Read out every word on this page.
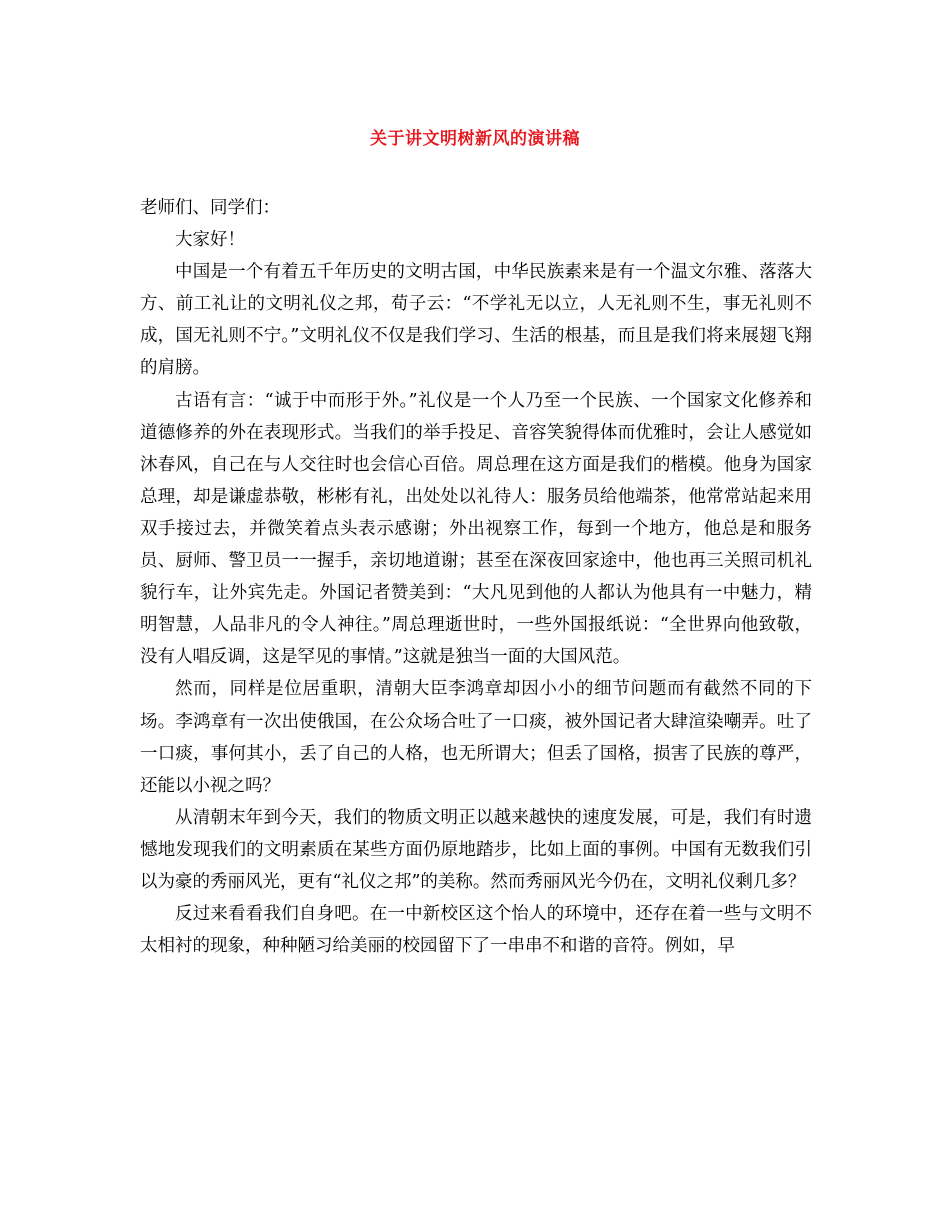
关于讲文明树新风的演讲稿

老师们、同学们：

大家好！

中国是一个有着五千年历史的文明古国，中华民族素来是有一个温文尔雅、落落大方、前工礼让的文明礼仪之邦，荀子云：“不学礼无以立，人无礼则不生，事无礼则不成，国无礼则不宁。”文明礼仪不仅是我们学习、生活的根基，而且是我们将来展翅飞翔的肩膀。

古语有言：“诚于中而形于外。”礼仪是一个人乃至一个民族、一个国家文化修养和道德修养的外在表现形式。当我们的举手投足、音容笑貌得体而优雅时，会让人感觉如沐春风，自己在与人交往时也会信心百倍。周总理在这方面是我们的楷模。他身为国家总理，却是谦虚恭敬，彬彬有礼，出处处以礼待人：服务员给他端茶，他常常站起来用双手接过去，并微笑着点头表示感谢；外出视察工作，每到一个地方，他总是和服务员、厨师、警卫员一一握手，亲切地道谢；甚至在深夜回家途中，他也再三关照司机礼貌行车，让外宾先走。外国记者赞美到：“大凡见到他的人都认为他具有一中魅力，精明智慧，人品非凡的令人神往。”周总理逝世时，一些外国报纸说：“全世界向他致敬，没有人唱反调，这是罕见的事情。”这就是独当一面的大国风范。

然而，同样是位居重职，清朝大臣李鸿章却因小小的细节问题而有截然不同的下场。李鸿章有一次出使俄国，在公众场合吐了一口痰，被外国记者大肆渲染嘲弄。吐了一口痰，事何其小，丢了自己的人格，也无所谓大；但丢了国格，损害了民族的尊严，还能以小视之吗？

从清朝末年到今天，我们的物质文明正以越来越快的速度发展，可是，我们有时遗憾地发现我们的文明素质在某些方面仍原地踏步，比如上面的事例。中国有无数我们引以为豪的秀丽风光，更有“礼仪之邦”的美称。然而秀丽风光今仍在，文明礼仪剩几多？

反过来看看我们自身吧。在一中新校区这个怡人的环境中，还存在着一些与文明不太相衬的现象，种种陋习给美丽的校园留下了一串串不和谐的音符。例如，早
